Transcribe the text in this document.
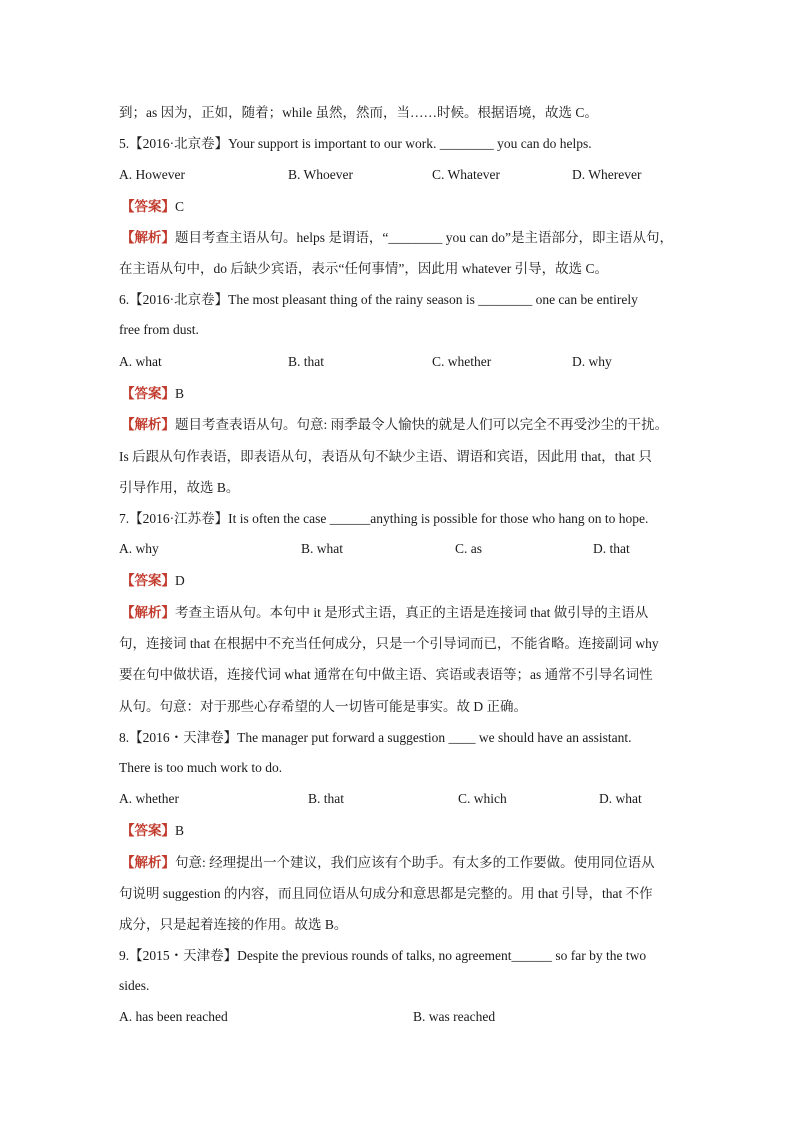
到；as 因为，正如，随着；while 虽然，然而，当……时候。根据语境，故选 C。
5.【2016·北京卷】Your support is important to our work. ________ you can do helps.
A. However	B. Whoever	C. Whatever	D. Wherever
【答案】C
【解析】题目考查主语从句。helps 是谓语，“________ you can do”是主语部分，即主语从句，
在主语从句中，do 后缺少宾语，表示“任何事情”，因此用 whatever 引导，故选 C。
6.【2016·北京卷】The most pleasant thing of the rainy season is ________ one can be entirely
free from dust.
A. what	B. that	C. whether	D. why
【答案】B
【解析】题目考查表语从句。句意: 雨季最令人愉快的就是人们可以完全不再受沙尘的干扰。
Is 后跟从句作表语，即表语从句，表语从句不缺少主语、谓语和宾语，因此用 that，that 只
引导作用，故选 B。
7.【2016·江苏卷】It is often the case ______anything is possible for those who hang on to hope.
A. why	B. what	C. as	D. that
【答案】D
【解析】考查主语从句。本句中 it 是形式主语，真正的主语是连接词 that 做引导的主语从
句，连接词 that 在根据中不充当任何成分，只是一个引导词而已，不能省略。连接副词 why
要在句中做状语，连接代词 what 通常在句中做主语、宾语或表语等；as 通常不引导名词性
从句。句意：对于那些心存希望的人一切皆可能是事实。故 D 正确。
8.【2016・天津卷】The manager put forward a suggestion ____ we should have an assistant.
There is too much work to do.
A. whether	B. that	C. which	D. what
【答案】B
【解析】句意: 经理提出一个建议，我们应该有个助手。有太多的工作要做。使用同位语从
句说明 suggestion 的内容，而且同位语从句成分和意思都是完整的。用 that 引导，that 不作
成分，只是起着连接的作用。故选 B。
9.【2015・天津卷】Despite the previous rounds of talks, no agreement______ so far by the two
sides.
A. has been reached	B. was reached
